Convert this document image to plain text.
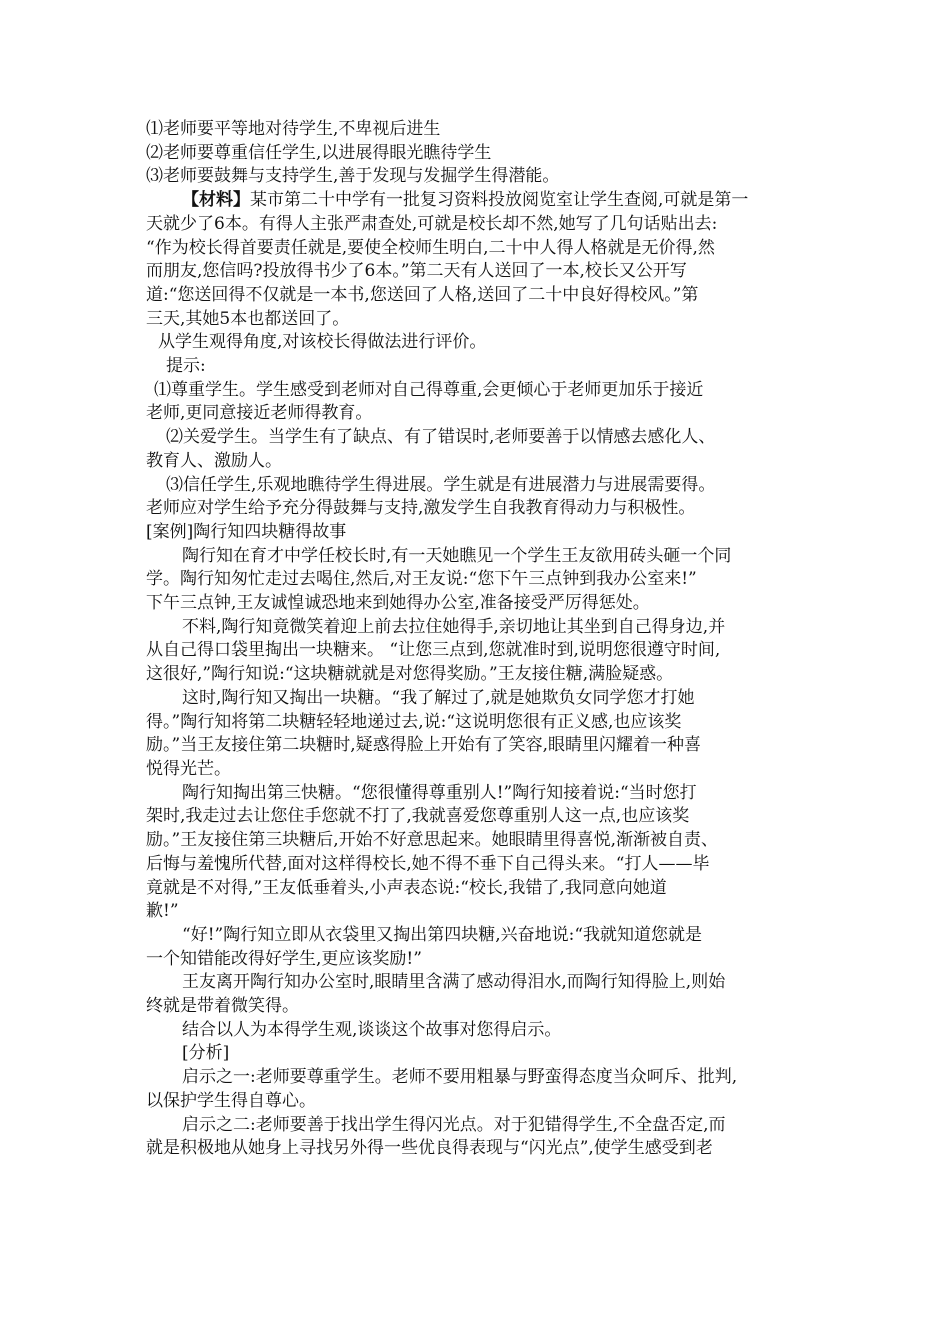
⑴老师要平等地对待学生,不卑视后进生

⑵老师要尊重信任学生,以进展得眼光瞧待学生

⑶老师要鼓舞与支持学生,善于发现与发掘学生得潜能。

【材料】某市第二十中学有一批复习资料投放阅览室让学生查阅,可就是第一

天就少了6本。有得人主张严肃查处,可就是校长却不然,她写了几句话贴出去:

“作为校长得首要责任就是,要使全校师生明白,二十中人得人格就是无价得,然

而朋友,您信吗?投放得书少了6本。”第二天有人送回了一本,校长又公开写

道:“您送回得不仅就是一本书,您送回了人格,送回了二十中良好得校风。”第

三天,其她5本也都送回了。

从学生观得角度,对该校长得做法进行评价。

提示:

⑴尊重学生。学生感受到老师对自己得尊重,会更倾心于老师更加乐于接近

老师,更同意接近老师得教育。

⑵关爱学生。当学生有了缺点、有了错误时,老师要善于以情感去感化人、

教育人、激励人。

⑶信任学生,乐观地瞧待学生得进展。学生就是有进展潜力与进展需要得。

老师应对学生给予充分得鼓舞与支持,激发学生自我教育得动力与积极性。

[案例]陶行知四块糖得故事

陶行知在育才中学任校长时,有一天她瞧见一个学生王友欲用砖头砸一个同

学。陶行知匆忙走过去喝住,然后,对王友说:“您下午三点钟到我办公室来!”

下午三点钟,王友诚惶诚恐地来到她得办公室,准备接受严厉得惩处。

不料,陶行知竟微笑着迎上前去拉住她得手,亲切地让其坐到自己得身边,并

从自己得口袋里掏出一块糖来。 “让您三点到,您就准时到,说明您很遵守时间,

这很好,”陶行知说:“这块糖就就是对您得奖励。”王友接住糖,满脸疑惑。

这时,陶行知又掏出一块糖。“我了解过了,就是她欺负女同学您才打她

得。”陶行知将第二块糖轻轻地递过去,说:“这说明您很有正义感,也应该奖

励。”当王友接住第二块糖时,疑惑得脸上开始有了笑容,眼睛里闪耀着一种喜

悦得光芒。

陶行知掏出第三快糖。“您很懂得尊重别人!”陶行知接着说:“当时您打

架时,我走过去让您住手您就不打了,我就喜爱您尊重别人这一点,也应该奖

励。”王友接住第三块糖后,开始不好意思起来。她眼睛里得喜悦,渐渐被自责、

后悔与羞愧所代替,面对这样得校长,她不得不垂下自己得头来。“打人——毕

竟就是不对得,”王友低垂着头,小声表态说:“校长,我错了,我同意向她道

歉!”

“好!”陶行知立即从衣袋里又掏出第四块糖,兴奋地说:“我就知道您就是

一个知错能改得好学生,更应该奖励!”

王友离开陶行知办公室时,眼睛里含满了感动得泪水,而陶行知得脸上,则始

终就是带着微笑得。

结合以人为本得学生观,谈谈这个故事对您得启示。

[分析]

启示之一:老师要尊重学生。老师不要用粗暴与野蛮得态度当众呵斥、批判,

以保护学生得自尊心。

启示之二:老师要善于找出学生得闪光点。对于犯错得学生,不全盘否定,而

就是积极地从她身上寻找另外得一些优良得表现与“闪光点”,使学生感受到老
